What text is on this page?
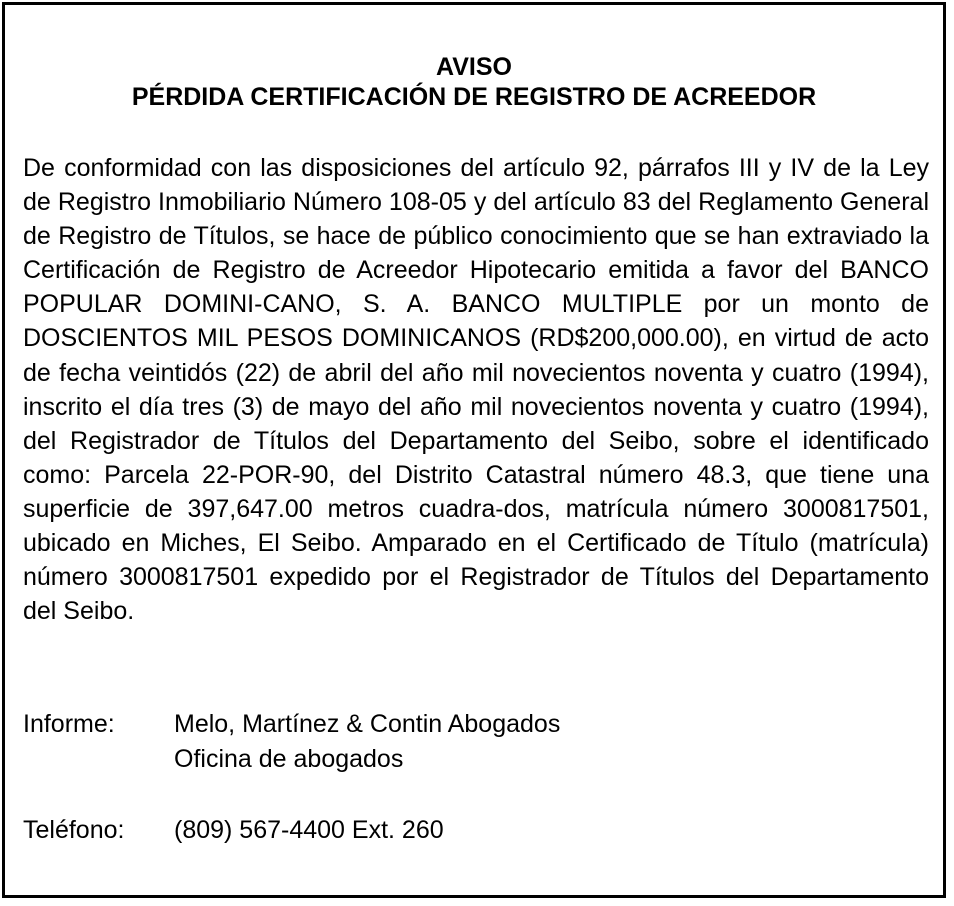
AVISO
PÉRDIDA CERTIFICACIÓN DE REGISTRO DE ACREEDOR
De conformidad con las disposiciones del artículo 92, párrafos III y IV de la Ley de Registro Inmobiliario Número 108-05 y del artículo 83 del Reglamento General de Registro de Títulos, se hace de público conocimiento que se han extraviado la Certificación de Registro de Acreedor Hipotecario emitida a favor del BANCO POPULAR DOMINI-CANO, S. A. BANCO MULTIPLE por un monto de DOSCIENTOS MIL PESOS DOMINICANOS (RD$200,000.00), en virtud de acto de fecha veintidós (22) de abril del año mil novecientos noventa y cuatro (1994), inscrito el día tres (3) de mayo del año mil novecientos noventa y cuatro (1994), del Registrador de Títulos del Departamento del Seibo, sobre el identificado como: Parcela 22-POR-90, del Distrito Catastral número 48.3, que tiene una superficie de 397,647.00 metros cuadra-dos, matrícula número 3000817501, ubicado en Miches, El Seibo. Amparado en el Certificado de Título (matrícula) número 3000817501 expedido por el Registrador de Títulos del Departamento del Seibo.
Informe: Melo, Martínez & Contin Abogados
Oficina de abogados
Teléfono: (809) 567-4400 Ext. 260
